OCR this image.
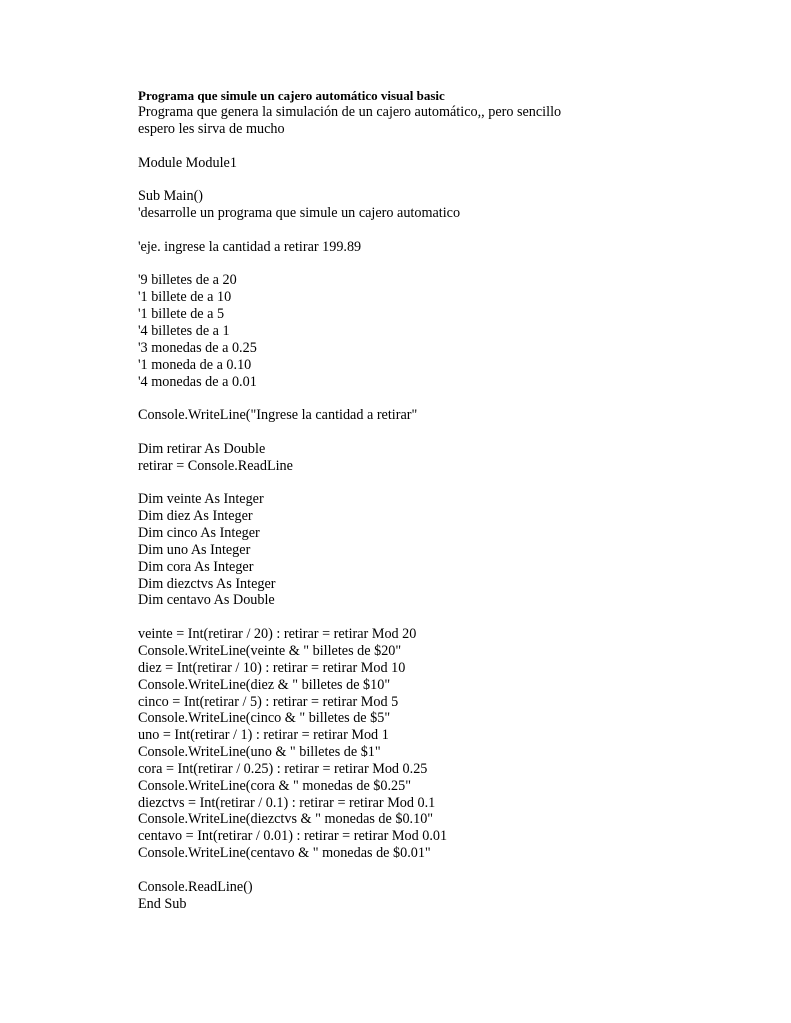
Programa que simule un cajero automático visual basic
Programa que genera la simulación de un cajero automático,, pero sencillo
espero les sirva de mucho
Module Module1
Sub Main()
'desarrolle un programa que simule un cajero automatico
'eje. ingrese la cantidad a retirar 199.89
'9 billetes de a 20
'1 billete de a 10
'1 billete de a 5
'4 billetes de a 1
'3 monedas de a 0.25
'1 moneda de a 0.10
'4 monedas de a 0.01
Console.WriteLine("Ingrese la cantidad a retirar"
Dim retirar As Double
retirar = Console.ReadLine
Dim veinte As Integer
Dim diez As Integer
Dim cinco As Integer
Dim uno As Integer
Dim cora As Integer
Dim diezctvs As Integer
Dim centavo As Double
veinte = Int(retirar / 20) : retirar = retirar Mod 20
Console.WriteLine(veinte & " billetes de $20"
diez = Int(retirar / 10) : retirar = retirar Mod 10
Console.WriteLine(diez & " billetes de $10"
cinco = Int(retirar / 5) : retirar = retirar Mod 5
Console.WriteLine(cinco & " billetes de $5"
uno = Int(retirar / 1) : retirar = retirar Mod 1
Console.WriteLine(uno & " billetes de $1"
cora = Int(retirar / 0.25) : retirar = retirar Mod 0.25
Console.WriteLine(cora & " monedas de $0.25"
diezctvs = Int(retirar / 0.1) : retirar = retirar Mod 0.1
Console.WriteLine(diezctvs & " monedas de $0.10"
centavo = Int(retirar / 0.01) : retirar = retirar Mod 0.01
Console.WriteLine(centavo & " monedas de $0.01"
Console.ReadLine()
End Sub
